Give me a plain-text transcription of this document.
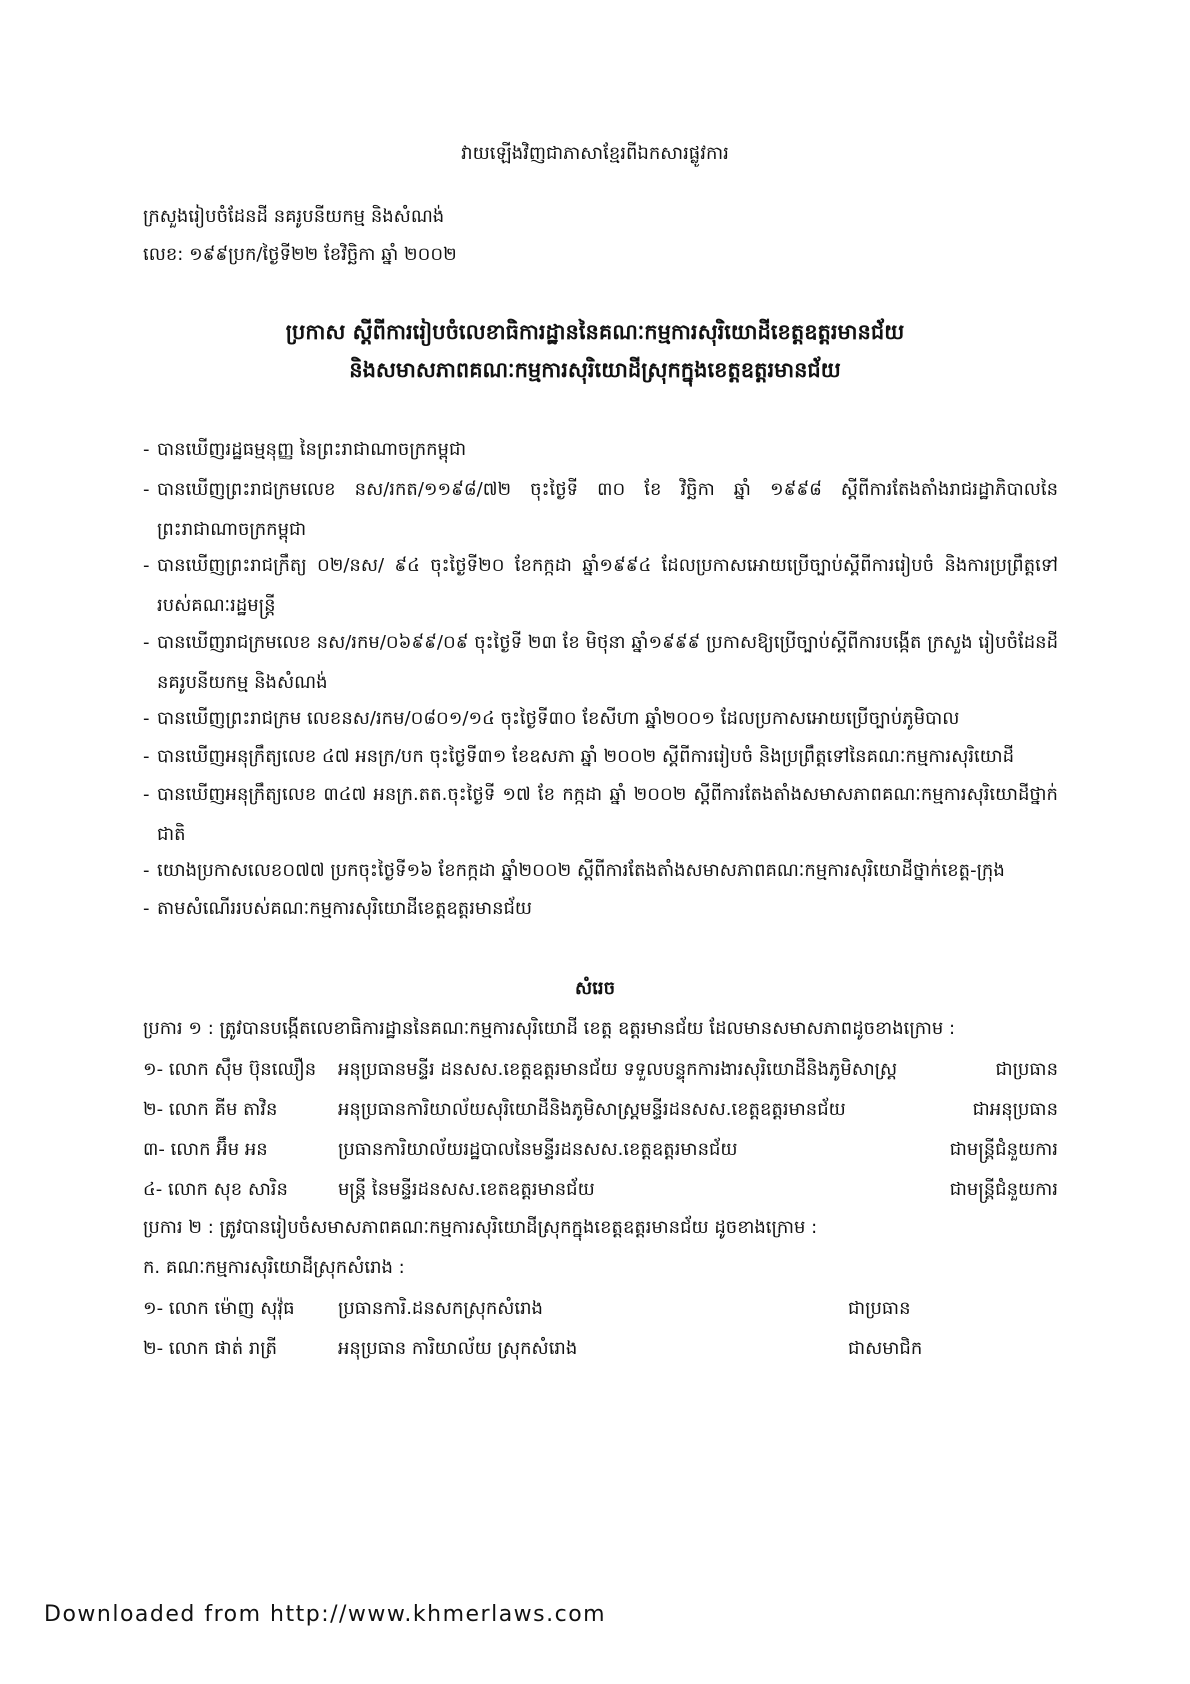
វាយឡើងវិញជាភាសាខ្មែរពីឯកសារផ្លូវការ
ក្រសួងរៀបចំដែនដី នគរូបនីយកម្ម និងសំណង់
លេខ: ១៩៩ប្រក/ថ្ងៃទី២២ ខែវិច្ឆិកា ឆ្នាំ ២០០២
ប្រកាស ស្តីពីការរៀបចំលេខាធិការដ្ឋាននៃគណៈកម្មការសុរិយោដីខេត្តឧត្តរមានជ័យ
និងសមាសភាពគណៈកម្មការសុរិយោដីស្រុកក្នុងខេត្តឧត្តរមានជ័យ
- បានឃើញរដ្ឋធម្មនុញ្ញ នៃព្រះរាជាណាចក្រកម្ពុជា
- បានឃើញព្រះរាជក្រមលេខ នស/រកត/១១៩៨/៧២ ចុះថ្ងៃទី ៣០ ខែ វិច្ឆិកា ឆ្នាំ ១៩៩៨ ស្តីពីការតែងតាំងរាជរដ្ឋាភិបាលនៃព្រះរាជាណាចក្រកម្ពុជា
- បានឃើញព្រះរាជក្រឹត្យ ០២/នស/ ៩៤ ចុះថ្ងៃទី២០ ខែកក្កដា ឆ្នាំ១៩៩៤ ដែលប្រកាសអោយប្រើច្បាប់ស្តីពីការរៀបចំ និងការប្រព្រឹត្តទៅរបស់គណៈរដ្ឋមន្ត្រី
- បានឃើញរាជក្រមលេខ នស/រកម/០៦៩៩/០៩ ចុះថ្ងៃទី ២៣ ខែ មិថុនា ឆ្នាំ១៩៩៩ ប្រកាសឱ្យប្រើច្បាប់ស្តីពីការបង្កើត ក្រសួង រៀបចំដែនដី នគរូបនីយកម្ម និងសំណង់
- បានឃើញព្រះរាជក្រម លេខនស/រកម/០៨០១/១៤ ចុះថ្ងៃទី៣០ ខែសីហា ឆ្នាំ២០០១ ដែលប្រកាសអោយប្រើច្បាប់ភូមិបាល
- បានឃើញអនុក្រឹត្យលេខ ៤៧ អនក្រ/បក ចុះថ្ងៃទី៣១ ខែឧសភា ឆ្នាំ ២០០២ ស្តីពីការរៀបចំ និងប្រព្រឹត្តទៅនៃគណៈកម្មការសុរិយោដី
- បានឃើញអនុក្រឹត្យលេខ ៣៤៧ អនក្រ.តត.ចុះថ្ងៃទី ១៧ ខែ កក្កដា ឆ្នាំ ២០០២ ស្តីពីការតែងតាំងសមាសភាពគណៈកម្មការសុរិយោដីថ្នាក់ជាតិ
- យោងប្រកាសលេខ០៧៧ ប្រកចុះថ្ងៃទី១៦ ខែកក្កដា ឆ្នាំ២០០២ ស្តីពីការតែងតាំងសមាសភាពគណៈកម្មការសុរិយោដីថ្នាក់ខេត្ត-ក្រុង
- តាមសំណើររបស់គណៈកម្មការសុរិយោដីខេត្តឧត្តរមានជ័យ
សំរេច
ប្រការ ១ : ត្រូវបានបង្កើតលេខាធិការដ្ឋាននៃគណៈកម្មការសុរិយោដី ខេត្ត ឧត្តរមានជ័យ ដែលមានសមាសភាពដូចខាងក្រោម :
១- លោក ស៊ឹម ប៊ុនឈឿន អនុប្រធានមន្ទីរ ដនសស.ខេត្តឧត្តរមានជ័យ ទទួលបន្ទុកការងារសុរិយោដីនិងភូមិសាស្ត្រ	ជាប្រធាន
២- លោក គីម តាវិន	អនុប្រធានការិយាល័យសុរិយោដីនិងភូមិសាស្ត្រមន្ទីរដនសស.ខេត្តឧត្តរមានជ័យ	ជាអនុប្រធាន
៣- លោក អ៊ឹម អន	ប្រធានការិយាល័យរដ្ឋបាលនៃមន្ទីរដនសស.ខេត្តឧត្តរមានជ័យ	ជាមន្ត្រីជំនួយការ
៤- លោក សុខ សារិន	មន្ត្រី នៃមន្ទីរដនសស.ខេតឧត្តរមានជ័យ	ជាមន្ត្រីជំនួយការ
ប្រការ ២ : ត្រូវបានរៀបចំសមាសភាពគណៈកម្មការសុរិយោដីស្រុកក្នុងខេត្តឧត្តរមានជ័យ ដូចខាងក្រោម :
ក. គណៈកម្មការសុរិយោដីស្រុកសំរោង :
១- លោក ម៉ោញ សុវ៉ុធ ប្រធានការិ.ដនសកស្រុកសំរោង	ជាប្រធាន
២- លោក ផាត់ រាត្រី	អនុប្រធាន ការិយាល័យ ស្រុកសំរោង	ជាសមាជិក
Downloaded from http://www.khmerlaws.com
